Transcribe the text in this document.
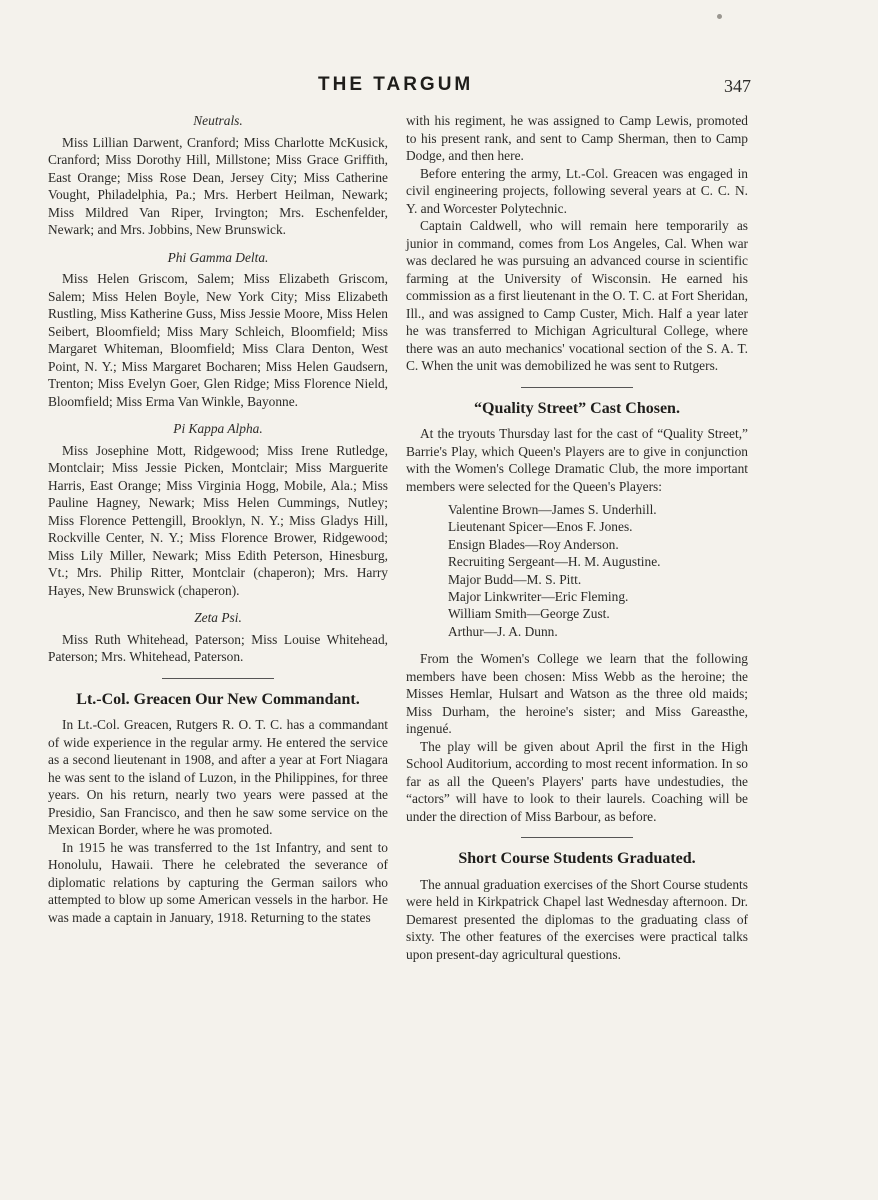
THE TARGUM	347
Neutrals.

Miss Lillian Darwent, Cranford; Miss Charlotte McKusick, Cranford; Miss Dorothy Hill, Millstone; Miss Grace Griffith, East Orange; Miss Rose Dean, Jersey City; Miss Catherine Vought, Philadelphia, Pa.; Mrs. Herbert Heilman, Newark; Miss Mildred Van Riper, Irvington; Mrs. Eschenfelder, Newark; and Mrs. Jobbins, New Brunswick.

Phi Gamma Delta.

Miss Helen Griscom, Salem; Miss Elizabeth Griscom, Salem; Miss Helen Boyle, New York City; Miss Elizabeth Rustling, Miss Katherine Guss, Miss Jessie Moore, Miss Helen Seibert, Bloomfield; Miss Mary Schleich, Bloomfield; Miss Margaret Whiteman, Bloomfield; Miss Clara Denton, West Point, N. Y.; Miss Margaret Bocharen; Miss Helen Gaudsern, Trenton; Miss Evelyn Goer, Glen Ridge; Miss Florence Nield, Bloomfield; Miss Erma Van Winkle, Bayonne.

Pi Kappa Alpha.

Miss Josephine Mott, Ridgewood; Miss Irene Rutledge, Montclair; Miss Jessie Picken, Montclair; Miss Marguerite Harris, East Orange; Miss Virginia Hogg, Mobile, Ala.; Miss Pauline Hagney, Newark; Miss Helen Cummings, Nutley; Miss Florence Pettengill, Brooklyn, N. Y.; Miss Gladys Hill, Rockville Center, N. Y.; Miss Florence Brower, Ridgewood; Miss Lily Miller, Newark; Miss Edith Peterson, Hinesburg, Vt.; Mrs. Philip Ritter, Montclair (chaperon); Mrs. Harry Hayes, New Brunswick (chaperon).

Zeta Psi.

Miss Ruth Whitehead, Paterson; Miss Louise Whitehead, Paterson; Mrs. Whitehead, Paterson.

Lt.-Col. Greacen Our New Commandant.

In Lt.-Col. Greacen, Rutgers R. O. T. C. has a commandant of wide experience in the regular army. He entered the service as a second lieutenant in 1908, and after a year at Fort Niagara he was sent to the island of Luzon, in the Philippines, for three years. On his return, nearly two years were passed at the Presidio, San Francisco, and then he saw some service on the Mexican Border, where he was promoted.

In 1915 he was transferred to the 1st Infantry, and sent to Honolulu, Hawaii. There he celebrated the severance of diplomatic relations by capturing the German sailors who attempted to blow up some American vessels in the harbor. He was made a captain in January, 1918. Returning to the states

with his regiment, he was assigned to Camp Lewis, promoted to his present rank, and sent to Camp Sherman, then to Camp Dodge, and then here.

Before entering the army, Lt.-Col. Greacen was engaged in civil engineering projects, following several years at C. C. N. Y. and Worcester Polytechnic.

Captain Caldwell, who will remain here temporarily as junior in command, comes from Los Angeles, Cal. When war was declared he was pursuing an advanced course in scientific farming at the University of Wisconsin. He earned his commission as a first lieutenant in the O. T. C. at Fort Sheridan, Ill., and was assigned to Camp Custer, Mich. Half a year later he was transferred to Michigan Agricultural College, where there was an auto mechanics' vocational section of the S. A. T. C. When the unit was demobilized he was sent to Rutgers.

“Quality Street” Cast Chosen.

At the tryouts Thursday last for the cast of “Quality Street,” Barrie's Play, which Queen's Players are to give in conjunction with the Women's College Dramatic Club, the more important members were selected for the Queen's Players:

Valentine Brown—James S. Underhill.
Lieutenant Spicer—Enos F. Jones.
Ensign Blades—Roy Anderson.
Recruiting Sergeant—H. M. Augustine.
Major Budd—M. S. Pitt.
Major Linkwriter—Eric Fleming.
William Smith—George Zust.
Arthur—J. A. Dunn.

From the Women's College we learn that the following members have been chosen: Miss Webb as the heroine; the Misses Hemlar, Hulsart and Watson as the three old maids; Miss Durham, the heroine's sister; and Miss Gareasthe, ingenué.

The play will be given about April the first in the High School Auditorium, according to most recent information. In so far as all the Queen's Players' parts have undestudies, the “actors” will have to look to their laurels. Coaching will be under the direction of Miss Barbour, as before.

Short Course Students Graduated.

The annual graduation exercises of the Short Course students were held in Kirkpatrick Chapel last Wednesday afternoon. Dr. Demarest presented the diplomas to the graduating class of sixty. The other features of the exercises were practical talks upon present-day agricultural questions.
